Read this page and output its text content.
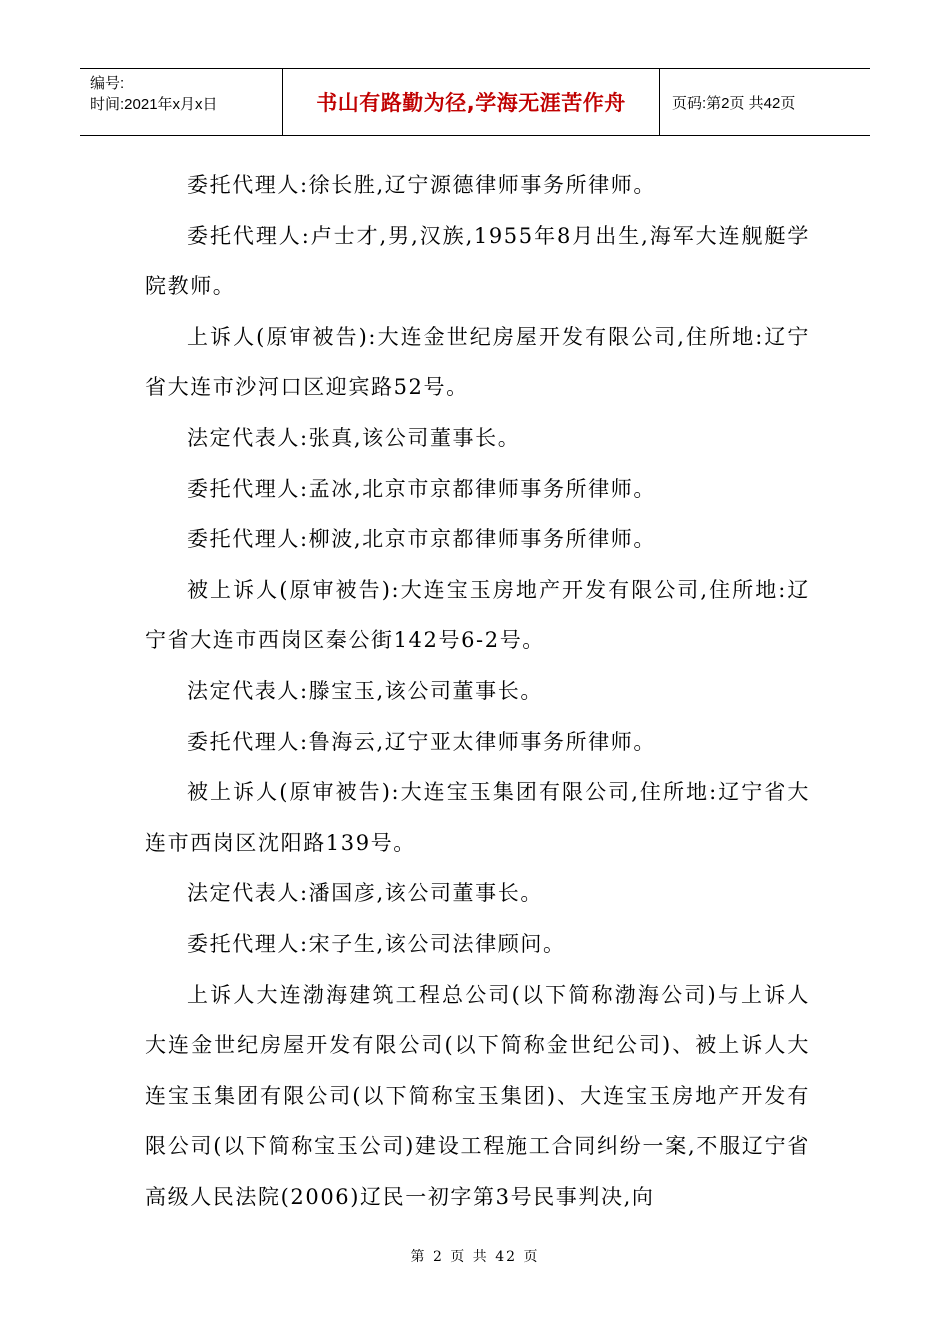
编号:
时间:2021年x月x日	书山有路勤为径,学海无涯苦作舟	页码:第2页 共42页

委托代理人:徐长胜,辽宁源德律师事务所律师。

委托代理人:卢士才,男,汉族,1955年8月出生,海军大连舰艇学院教师。

上诉人(原审被告):大连金世纪房屋开发有限公司,住所地:辽宁省大连市沙河口区迎宾路52号。

法定代表人:张真,该公司董事长。

委托代理人:孟冰,北京市京都律师事务所律师。

委托代理人:柳波,北京市京都律师事务所律师。

被上诉人(原审被告):大连宝玉房地产开发有限公司,住所地:辽宁省大连市西岗区秦公街142号6-2号。

法定代表人:滕宝玉,该公司董事长。

委托代理人:鲁海云,辽宁亚太律师事务所律师。

被上诉人(原审被告):大连宝玉集团有限公司,住所地:辽宁省大连市西岗区沈阳路139号。

法定代表人:潘国彦,该公司董事长。

委托代理人:宋子生,该公司法律顾问。

上诉人大连渤海建筑工程总公司(以下简称渤海公司)与上诉人大连金世纪房屋开发有限公司(以下简称金世纪公司)、被上诉人大连宝玉集团有限公司(以下简称宝玉集团)、大连宝玉房地产开发有限公司(以下简称宝玉公司)建设工程施工合同纠纷一案,不服辽宁省高级人民法院(2006)辽民一初字第3号民事判决,向

第 2 页 共 42 页
